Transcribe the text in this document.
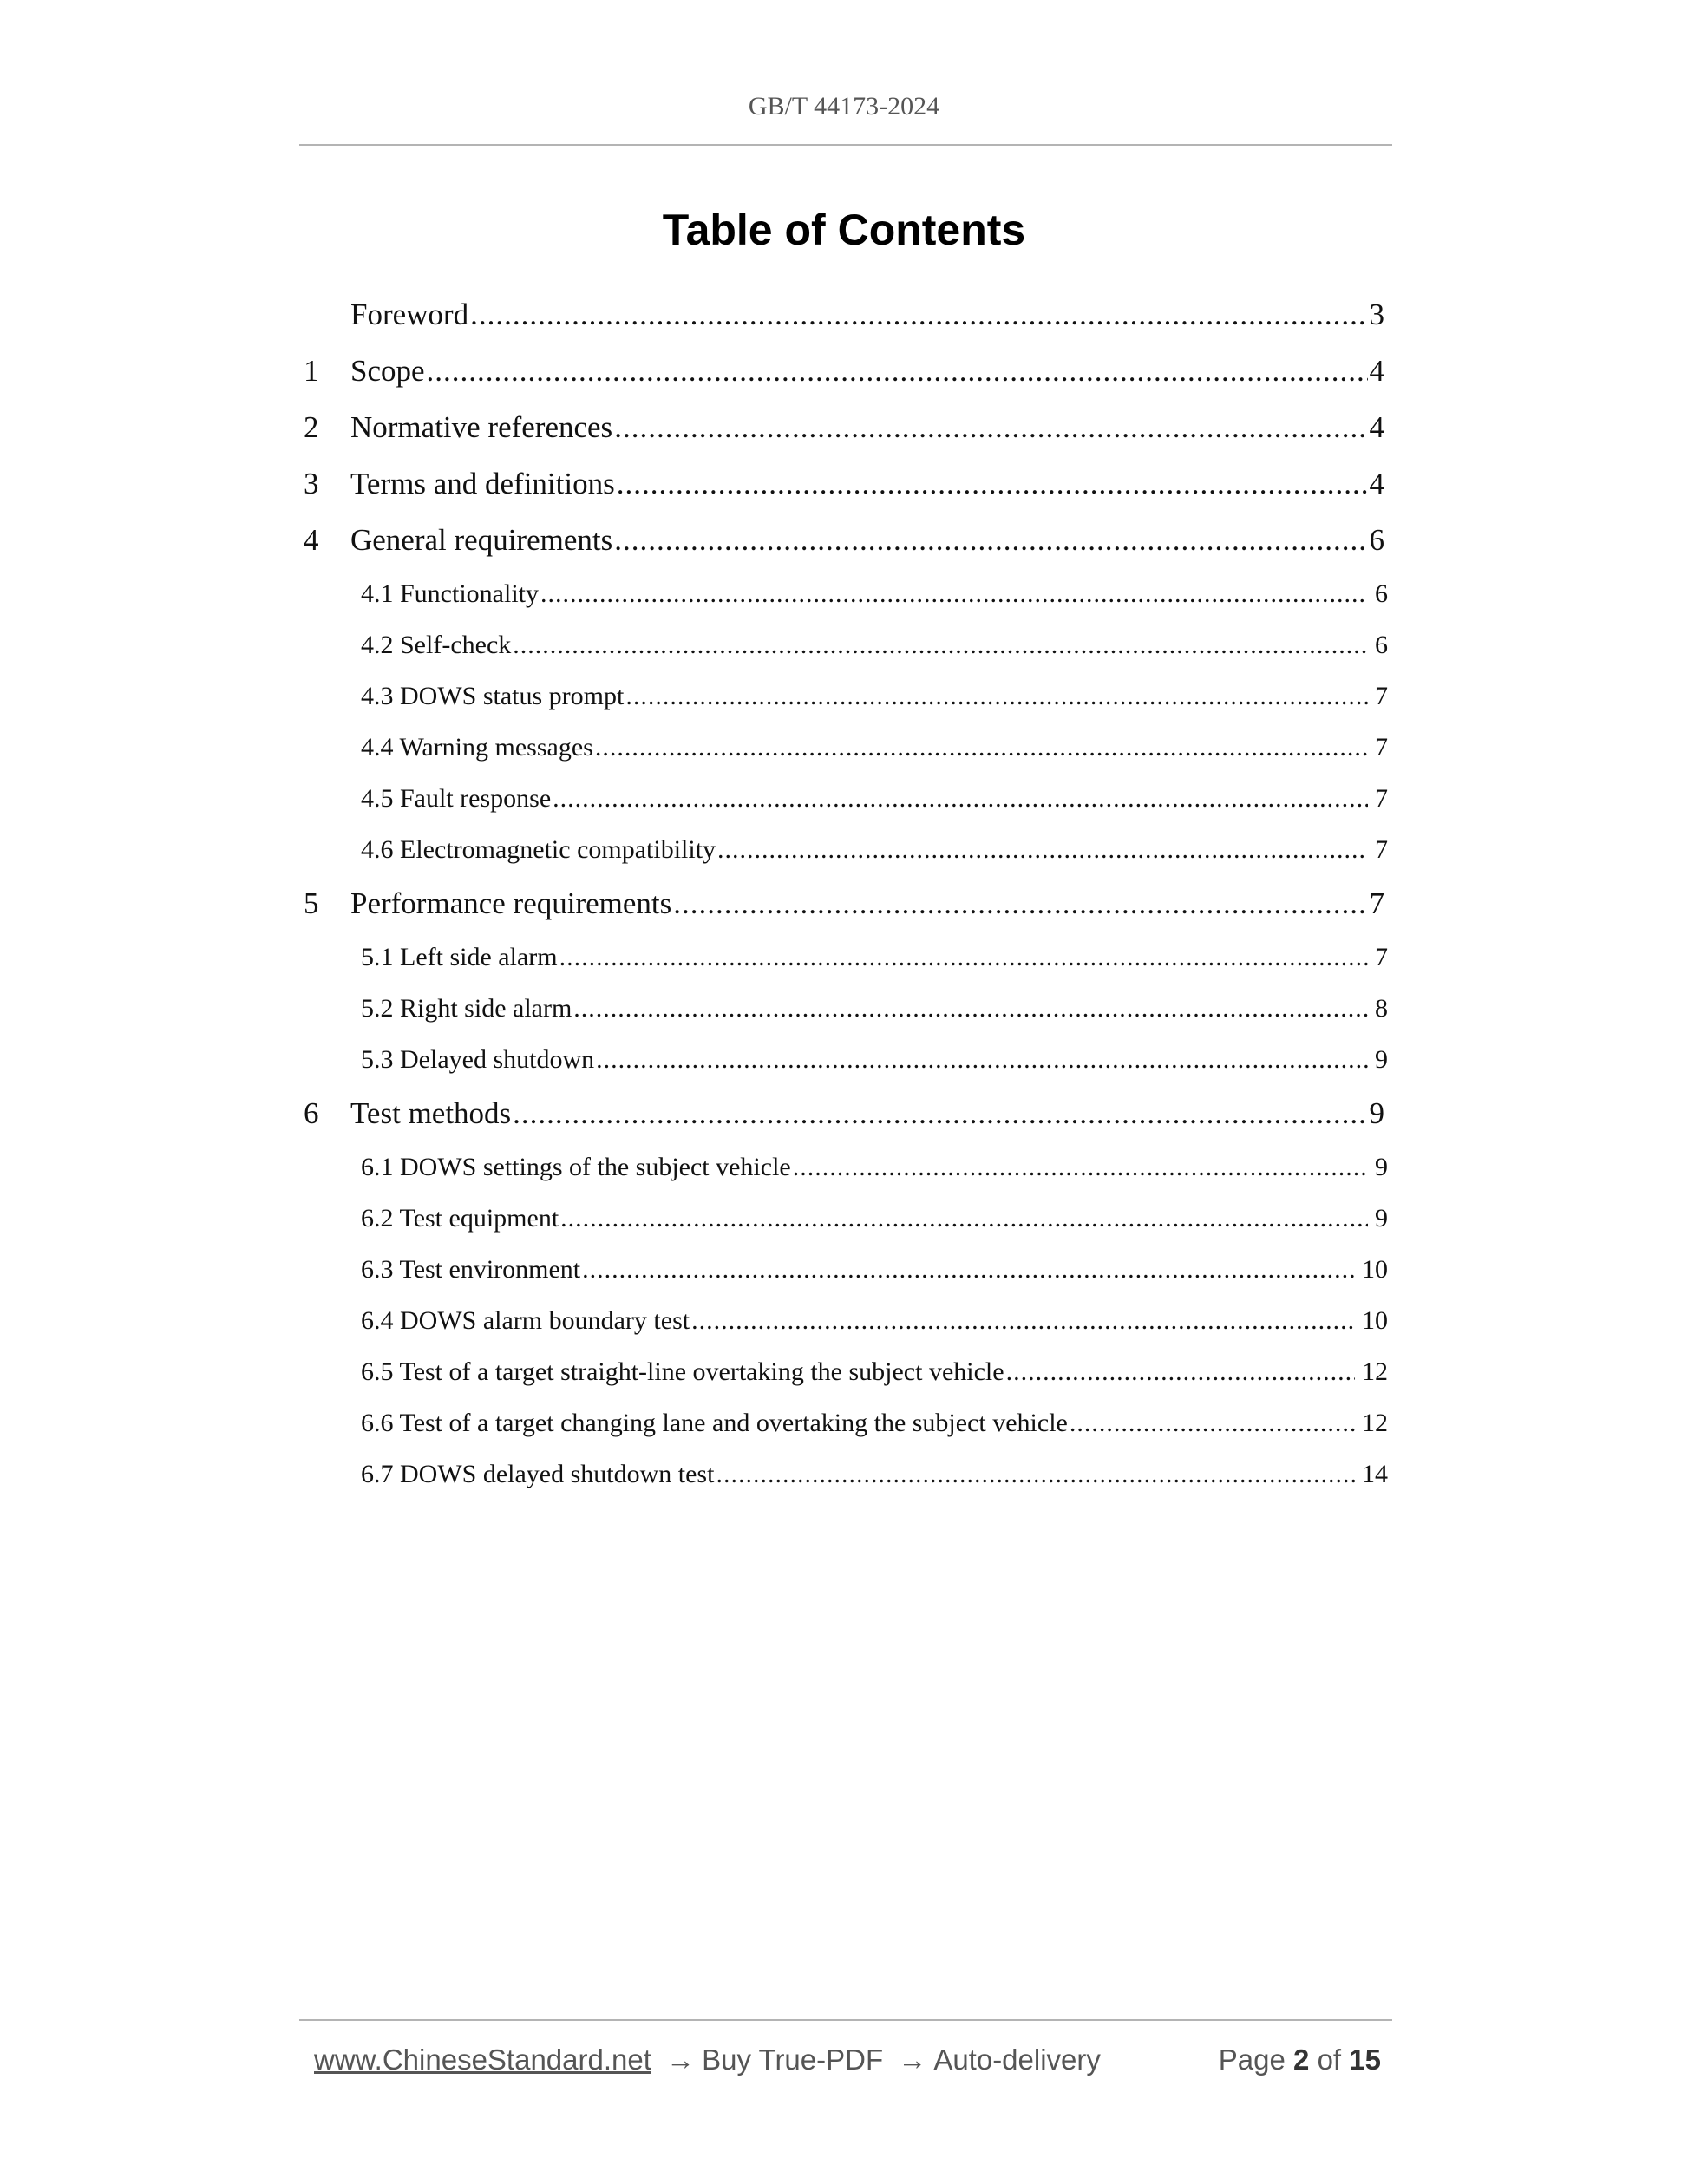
GB/T 44173-2024

Table of Contents
Foreword .....	3
1	Scope .....	4
2	Normative references .....	4
3	Terms and definitions .....	4
4	General requirements .....	6
4.1 Functionality .....	6
4.2 Self-check .....	6
4.3 DOWS status prompt .....	7
4.4 Warning messages .....	7
4.5 Fault response .....	7
4.6 Electromagnetic compatibility .....	7
5	Performance requirements .....	7
5.1 Left side alarm .....	7
5.2 Right side alarm .....	8
5.3 Delayed shutdown .....	9
6	Test methods .....	9
6.1 DOWS settings of the subject vehicle .....	9
6.2 Test equipment .....	9
6.3 Test environment .....	10
6.4 DOWS alarm boundary test .....	10
6.5 Test of a target straight-line overtaking the subject vehicle .....	12
6.6 Test of a target changing lane and overtaking the subject vehicle .....	12
6.7 DOWS delayed shutdown test .....	14
www.ChineseStandard.net → Buy True-PDF → Auto-delivery	Page 2 of 15
